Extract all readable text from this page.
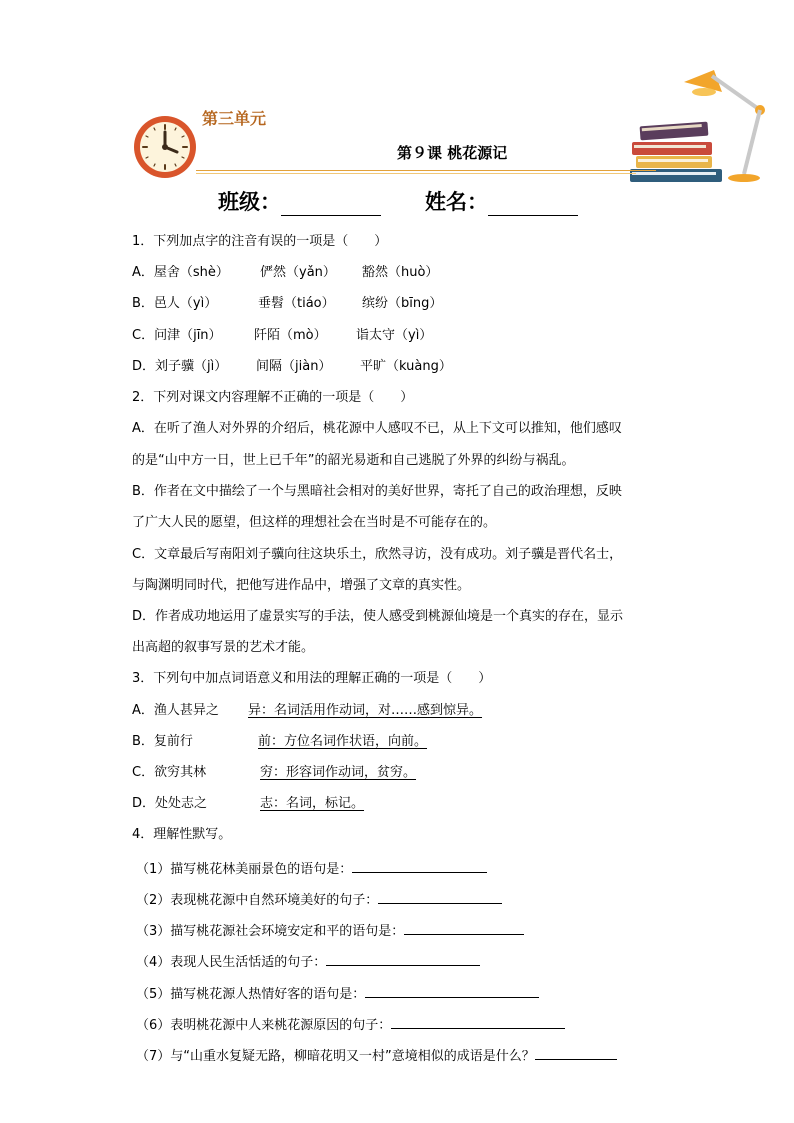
第三单元
第９课 桃花源记
班级：	姓名：
1．下列加点字的注音有误的一项是（　　）
A．屋舍（shè） 俨然（yǎn） 豁然（huò）
B．邑人（yì）	垂髫（tiáo） 缤纷（bīng）
C．问津（jīn） 阡陌（mò） 诣太守（yì）
D．刘子骥（jì） 间隔（jiàn） 平旷（kuàng）
2．下列对课文内容理解不正确的一项是（　　）
A．在听了渔人对外界的介绍后，桃花源中人感叹不已，从上下文可以推知，他们感叹
的是“山中方一日，世上已千年”的韶光易逝和自己逃脱了外界的纠纷与祸乱。
B．作者在文中描绘了一个与黑暗社会相对的美好世界，寄托了自己的政治理想，反映
了广大人民的愿望，但这样的理想社会在当时是不可能存在的。
C．文章最后写南阳刘子骥向往这块乐土，欣然寻访，没有成功。刘子骥是晋代名士，
与陶渊明同时代，把他写进作品中，增强了文章的真实性。
D．作者成功地运用了虚景实写的手法，使人感受到桃源仙境是一个真实的存在，显示
出高超的叙事写景的艺术才能。
3．下列句中加点词语意义和用法的理解正确的一项是（　　）
A．渔人甚异之 异：名词活用作动词，对……感到惊异。
B．复前行	前：方位名词作状语，向前。
C．欲穷其林	穷：形容词作动词，贫穷。
D．处处志之	志：名词，标记。
4．理解性默写。
（1）描写桃花林美丽景色的语句是：
（2）表现桃花源中自然环境美好的句子：
（3）描写桃花源社会环境安定和平的语句是：
（4）表现人民生活恬适的句子：
（5）描写桃花源人热情好客的语句是：
（6）表明桃花源中人来桃花源原因的句子：
（7）与“山重水复疑无路，柳暗花明又一村”意境相似的成语是什么？
